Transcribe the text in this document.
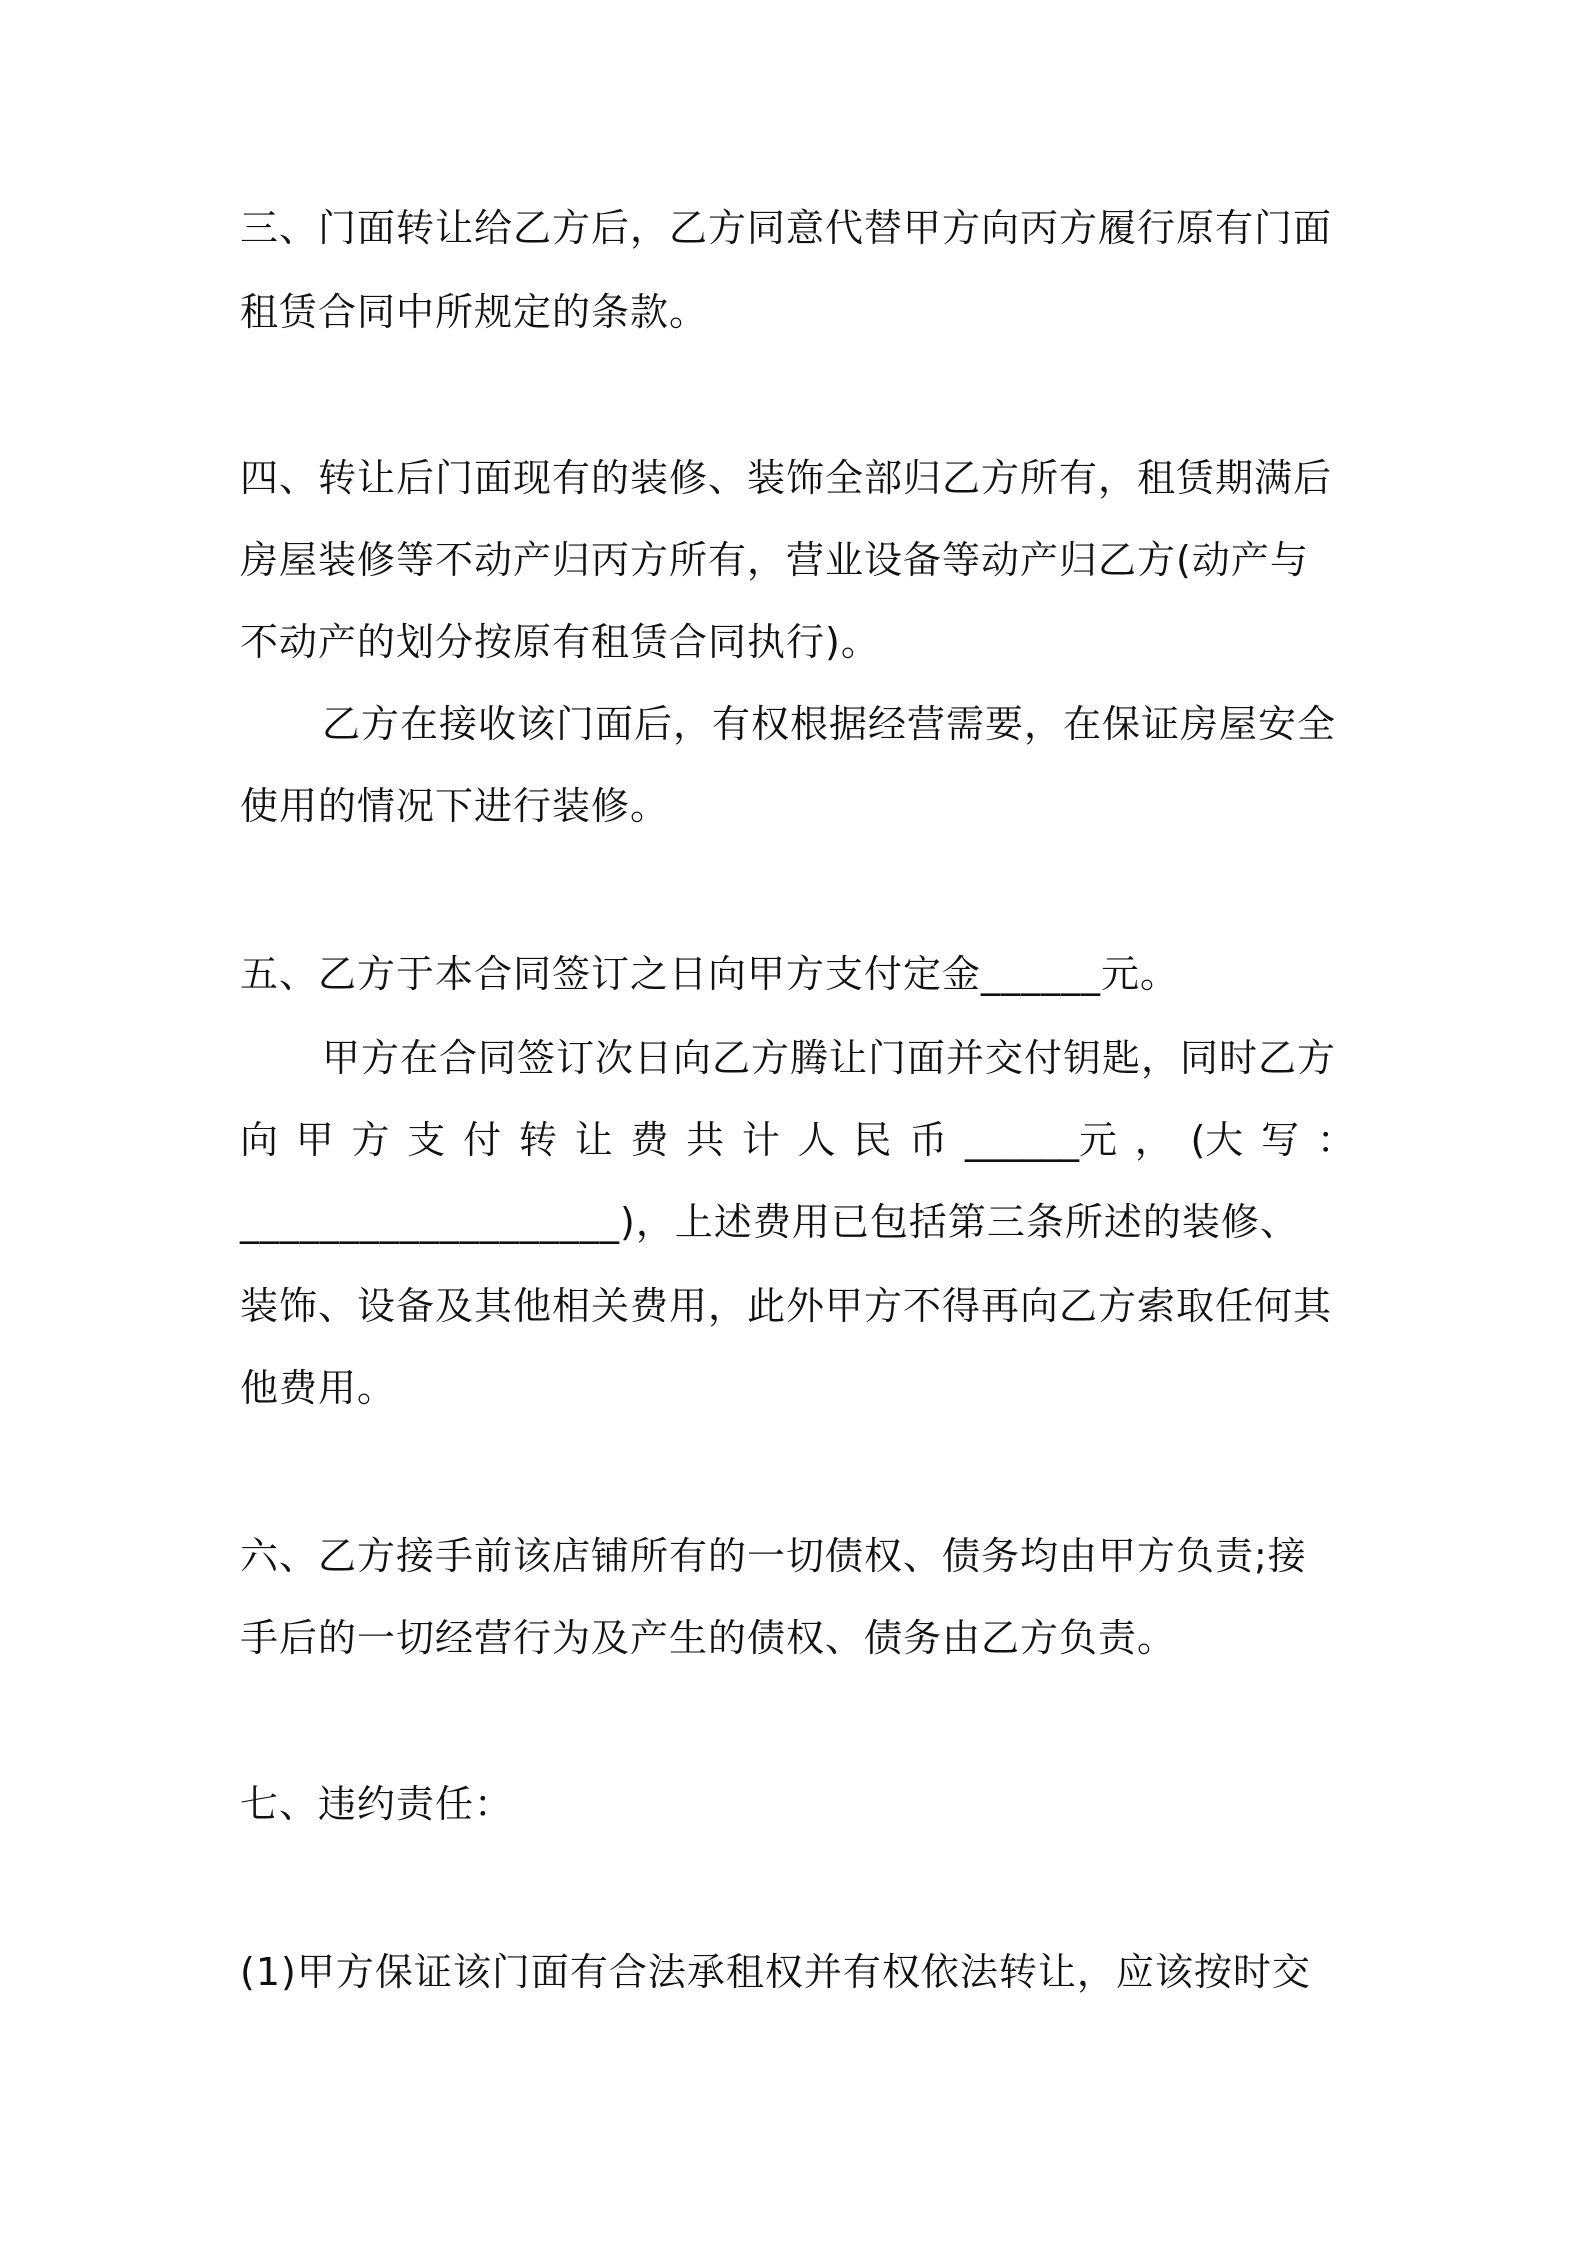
三、门面转让给乙方后，乙方同意代替甲方向丙方履行原有门面
租赁合同中所规定的条款。
四、转让后门面现有的装修、装饰全部归乙方所有，租赁期满后
房屋装修等不动产归丙方所有，营业设备等动产归乙方(动产与
不动产的划分按原有租赁合同执行)。
乙方在接收该门面后，有权根据经营需要，在保证房屋安全
使用的情况下进行装修。
五、乙方于本合同签订之日向甲方支付定金______元。
甲方在合同签订次日向乙方腾让门面并交付钥匙，同时乙方
向 甲 方 支 付 转 让 费 共 计 人 民 币 ______元 ， (大 写 ：
___________________)，上述费用已包括第三条所述的装修、
装饰、设备及其他相关费用，此外甲方不得再向乙方索取任何其
他费用。
六、乙方接手前该店铺所有的一切债权、债务均由甲方负责;接
手后的一切经营行为及产生的债权、债务由乙方负责。
七、违约责任：
(1)甲方保证该门面有合法承租权并有权依法转让，应该按时交
